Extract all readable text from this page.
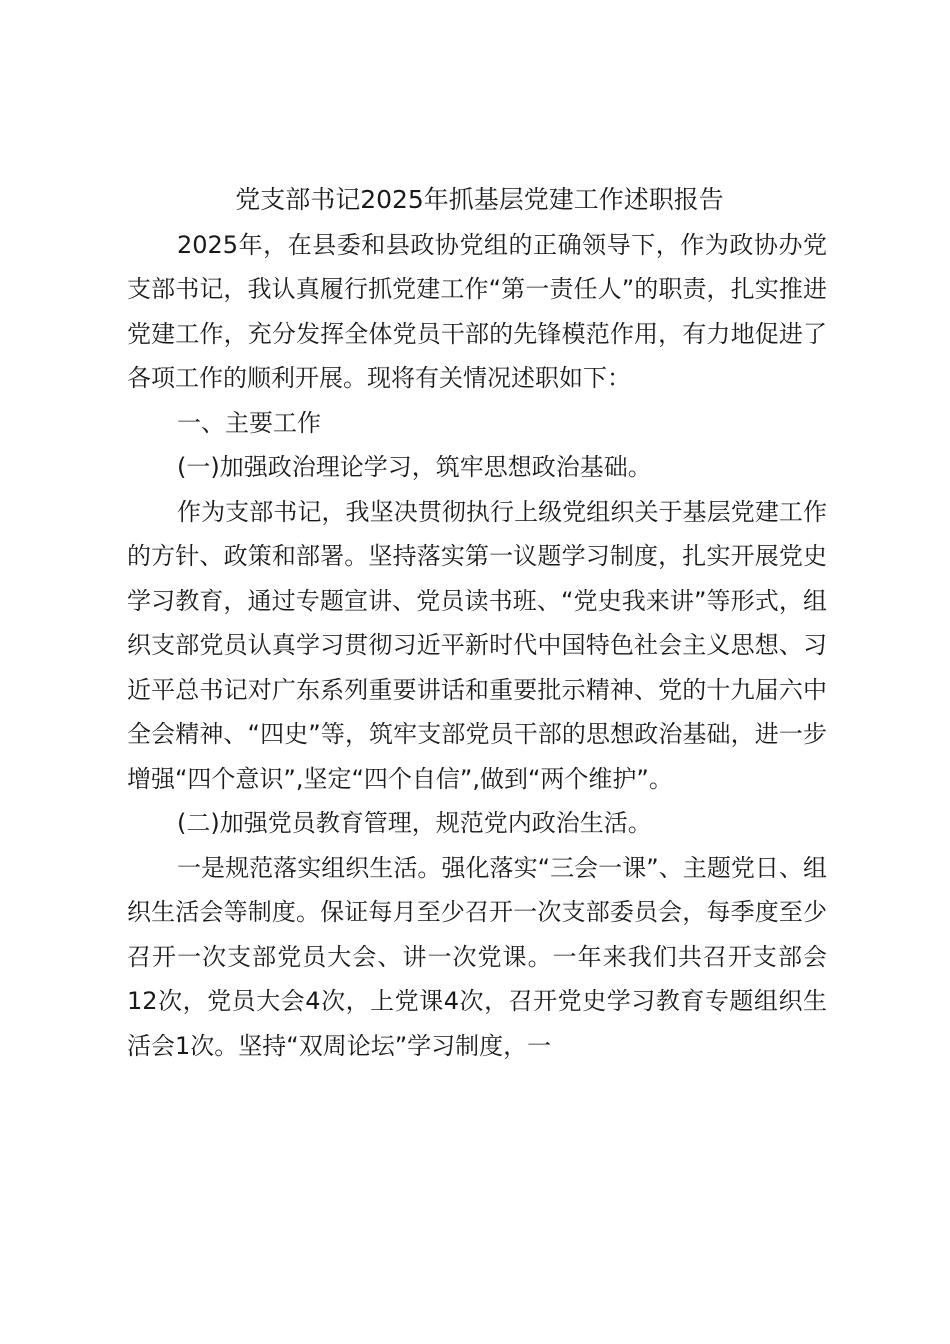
党支部书记2025年抓基层党建工作述职报告

2025年，在县委和县政协党组的正确领导下，作为政协办党支部书记，我认真履行抓党建工作“第一责任人”的职责，扎实推进党建工作，充分发挥全体党员干部的先锋模范作用，有力地促进了各项工作的顺利开展。现将有关情况述职如下：

一、主要工作

(一)加强政治理论学习，筑牢思想政治基础。

作为支部书记，我坚决贯彻执行上级党组织关于基层党建工作的方针、政策和部署。坚持落实第一议题学习制度，扎实开展党史学习教育，通过专题宣讲、党员读书班、“党史我来讲”等形式，组织支部党员认真学习贯彻习近平新时代中国特色社会主义思想、习近平总书记对广东系列重要讲话和重要批示精神、党的十九届六中全会精神、“四史”等，筑牢支部党员干部的思想政治基础，进一步增强“四个意识”,坚定“四个自信”,做到“两个维护”。

(二)加强党员教育管理，规范党内政治生活。

一是规范落实组织生活。强化落实“三会一课”、主题党日、组织生活会等制度。保证每月至少召开一次支部委员会，每季度至少召开一次支部党员大会、讲一次党课。一年来我们共召开支部会12次，党员大会4次，上党课4次，召开党史学习教育专题组织生活会1次。坚持“双周论坛”学习制度，一
